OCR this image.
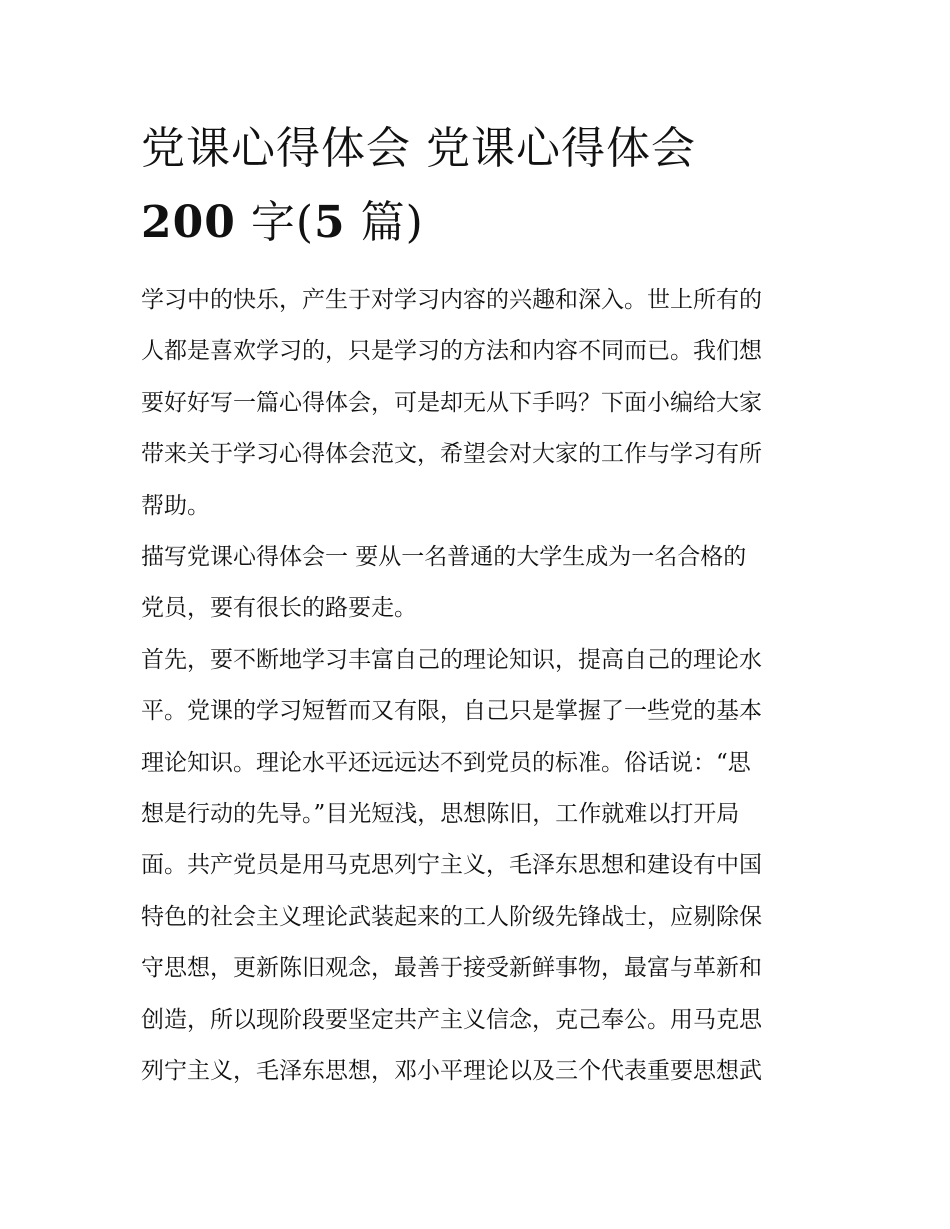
党课心得体会 党课心得体会
200 字(5 篇)

学习中的快乐，产生于对学习内容的兴趣和深入。世上所有的
人都是喜欢学习的，只是学习的方法和内容不同而已。我们想
要好好写一篇心得体会，可是却无从下手吗？下面小编给大家
带来关于学习心得体会范文，希望会对大家的工作与学习有所
帮助。

描写党课心得体会一 要从一名普通的大学生成为一名合格的
党员，要有很长的路要走。

首先，要不断地学习丰富自己的理论知识，提高自己的理论水
平。党课的学习短暂而又有限，自己只是掌握了一些党的基本
理论知识。理论水平还远远达不到党员的标准。俗话说：“思
想是行动的先导。”目光短浅，思想陈旧，工作就难以打开局
面。共产党员是用马克思列宁主义，毛泽东思想和建设有中国
特色的社会主义理论武装起来的工人阶级先锋战士，应剔除保
守思想，更新陈旧观念，最善于接受新鲜事物，最富与革新和
创造，所以现阶段要坚定共产主义信念，克己奉公。用马克思
列宁主义，毛泽东思想，邓小平理论以及三个代表重要思想武
